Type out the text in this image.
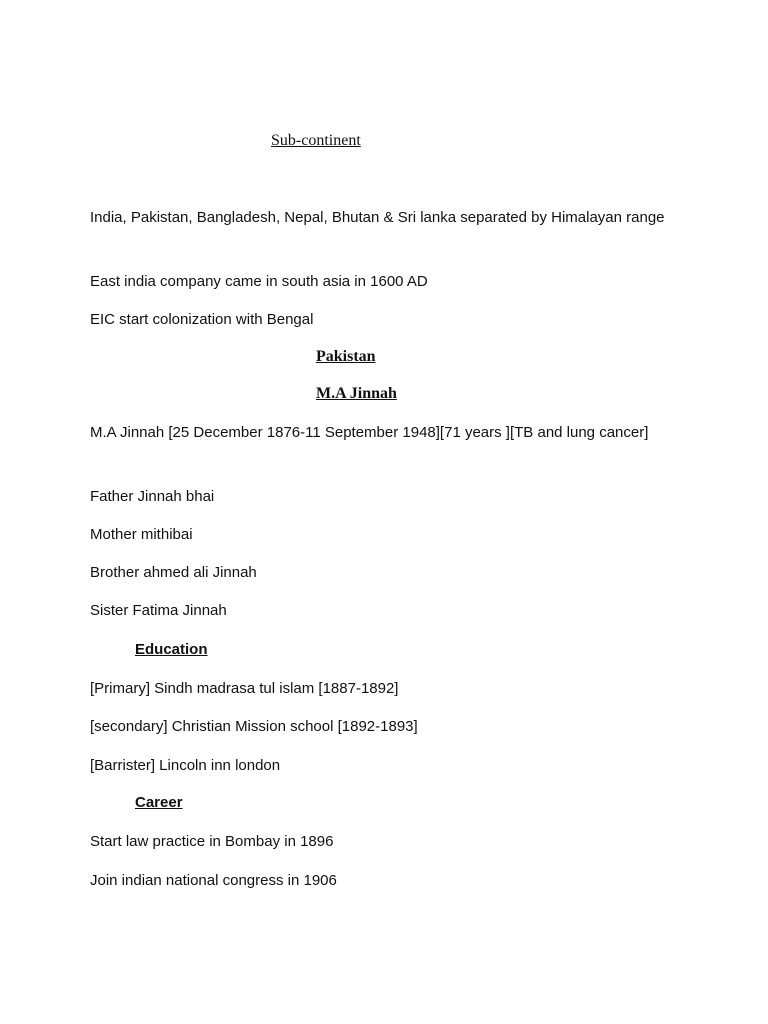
Sub-continent
India, Pakistan, Bangladesh, Nepal, Bhutan & Sri lanka separated by Himalayan range
East india company came in south asia in 1600 AD
EIC start colonization with Bengal
Pakistan
M.A Jinnah
M.A Jinnah [25 December 1876-11 September 1948][71 years ][TB and lung cancer]
Father Jinnah bhai
Mother mithibai
Brother ahmed ali Jinnah
Sister Fatima Jinnah
Education
[Primary] Sindh madrasa tul islam [1887-1892]
[secondary] Christian Mission school [1892-1893]
[Barrister] Lincoln inn london
Career
Start law practice in Bombay in 1896
Join indian national congress in 1906
